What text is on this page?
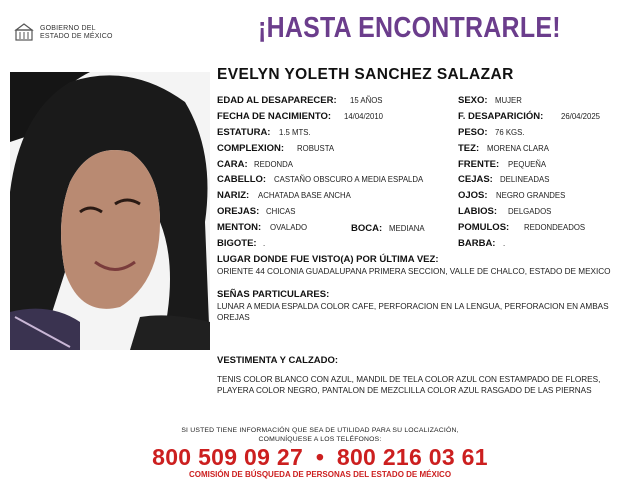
GOBIERNO DEL
ESTADO DE MÉXICO	¡HASTA ENCONTRARLE!
EVELYN YOLETH SANCHEZ SALAZAR
EDAD AL DESAPARECER: 15 AÑOS
FECHA DE NACIMIENTO: 14/04/2010
ESTATURA: 1.5 MTS.
COMPLEXION: ROBUSTA
CARA: REDONDA
CABELLO: CASTAÑO OBSCURO A MEDIA ESPALDA
NARIZ: ACHATADA BASE ANCHA
OREJAS: CHICAS
MENTON: OVALADO	BOCA: MEDIANA
BIGOTE: .
SEXO: MUJER
F. DESAPARICIÓN: 26/04/2025
PESO: 76 KGS.
TEZ: MORENA CLARA
FRENTE: PEQUEÑA
CEJAS: DELINEADAS
OJOS: NEGRO GRANDES
LABIOS: DELGADOS
POMULOS: REDONDEADOS
BARBA: .
LUGAR DONDE FUE VISTO(A) POR ÚLTIMA VEZ:
ORIENTE 44 COLONIA GUADALUPANA PRIMERA SECCION, VALLE DE CHALCO, ESTADO DE MEXICO
SEÑAS PARTICULARES:
LUNAR A MEDIA ESPALDA COLOR CAFE, PERFORACION EN LA LENGUA, PERFORACION EN AMBAS OREJAS
VESTIMENTA Y CALZADO:
TENIS COLOR BLANCO CON AZUL, MANDIL DE TELA COLOR AZUL CON ESTAMPADO DE FLORES, PLAYERA COLOR NEGRO, PANTALON DE MEZCLILLA COLOR AZUL RASGADO DE LAS PIERNAS
SI USTED TIENE INFORMACIÓN QUE SEA DE UTILIDAD PARA SU LOCALIZACIÓN,
COMUNÍQUESE A LOS TELÉFONOS:
800 509 09 27 • 800 216 03 61
COMISIÓN DE BÚSQUEDA DE PERSONAS DEL ESTADO DE MÉXICO
